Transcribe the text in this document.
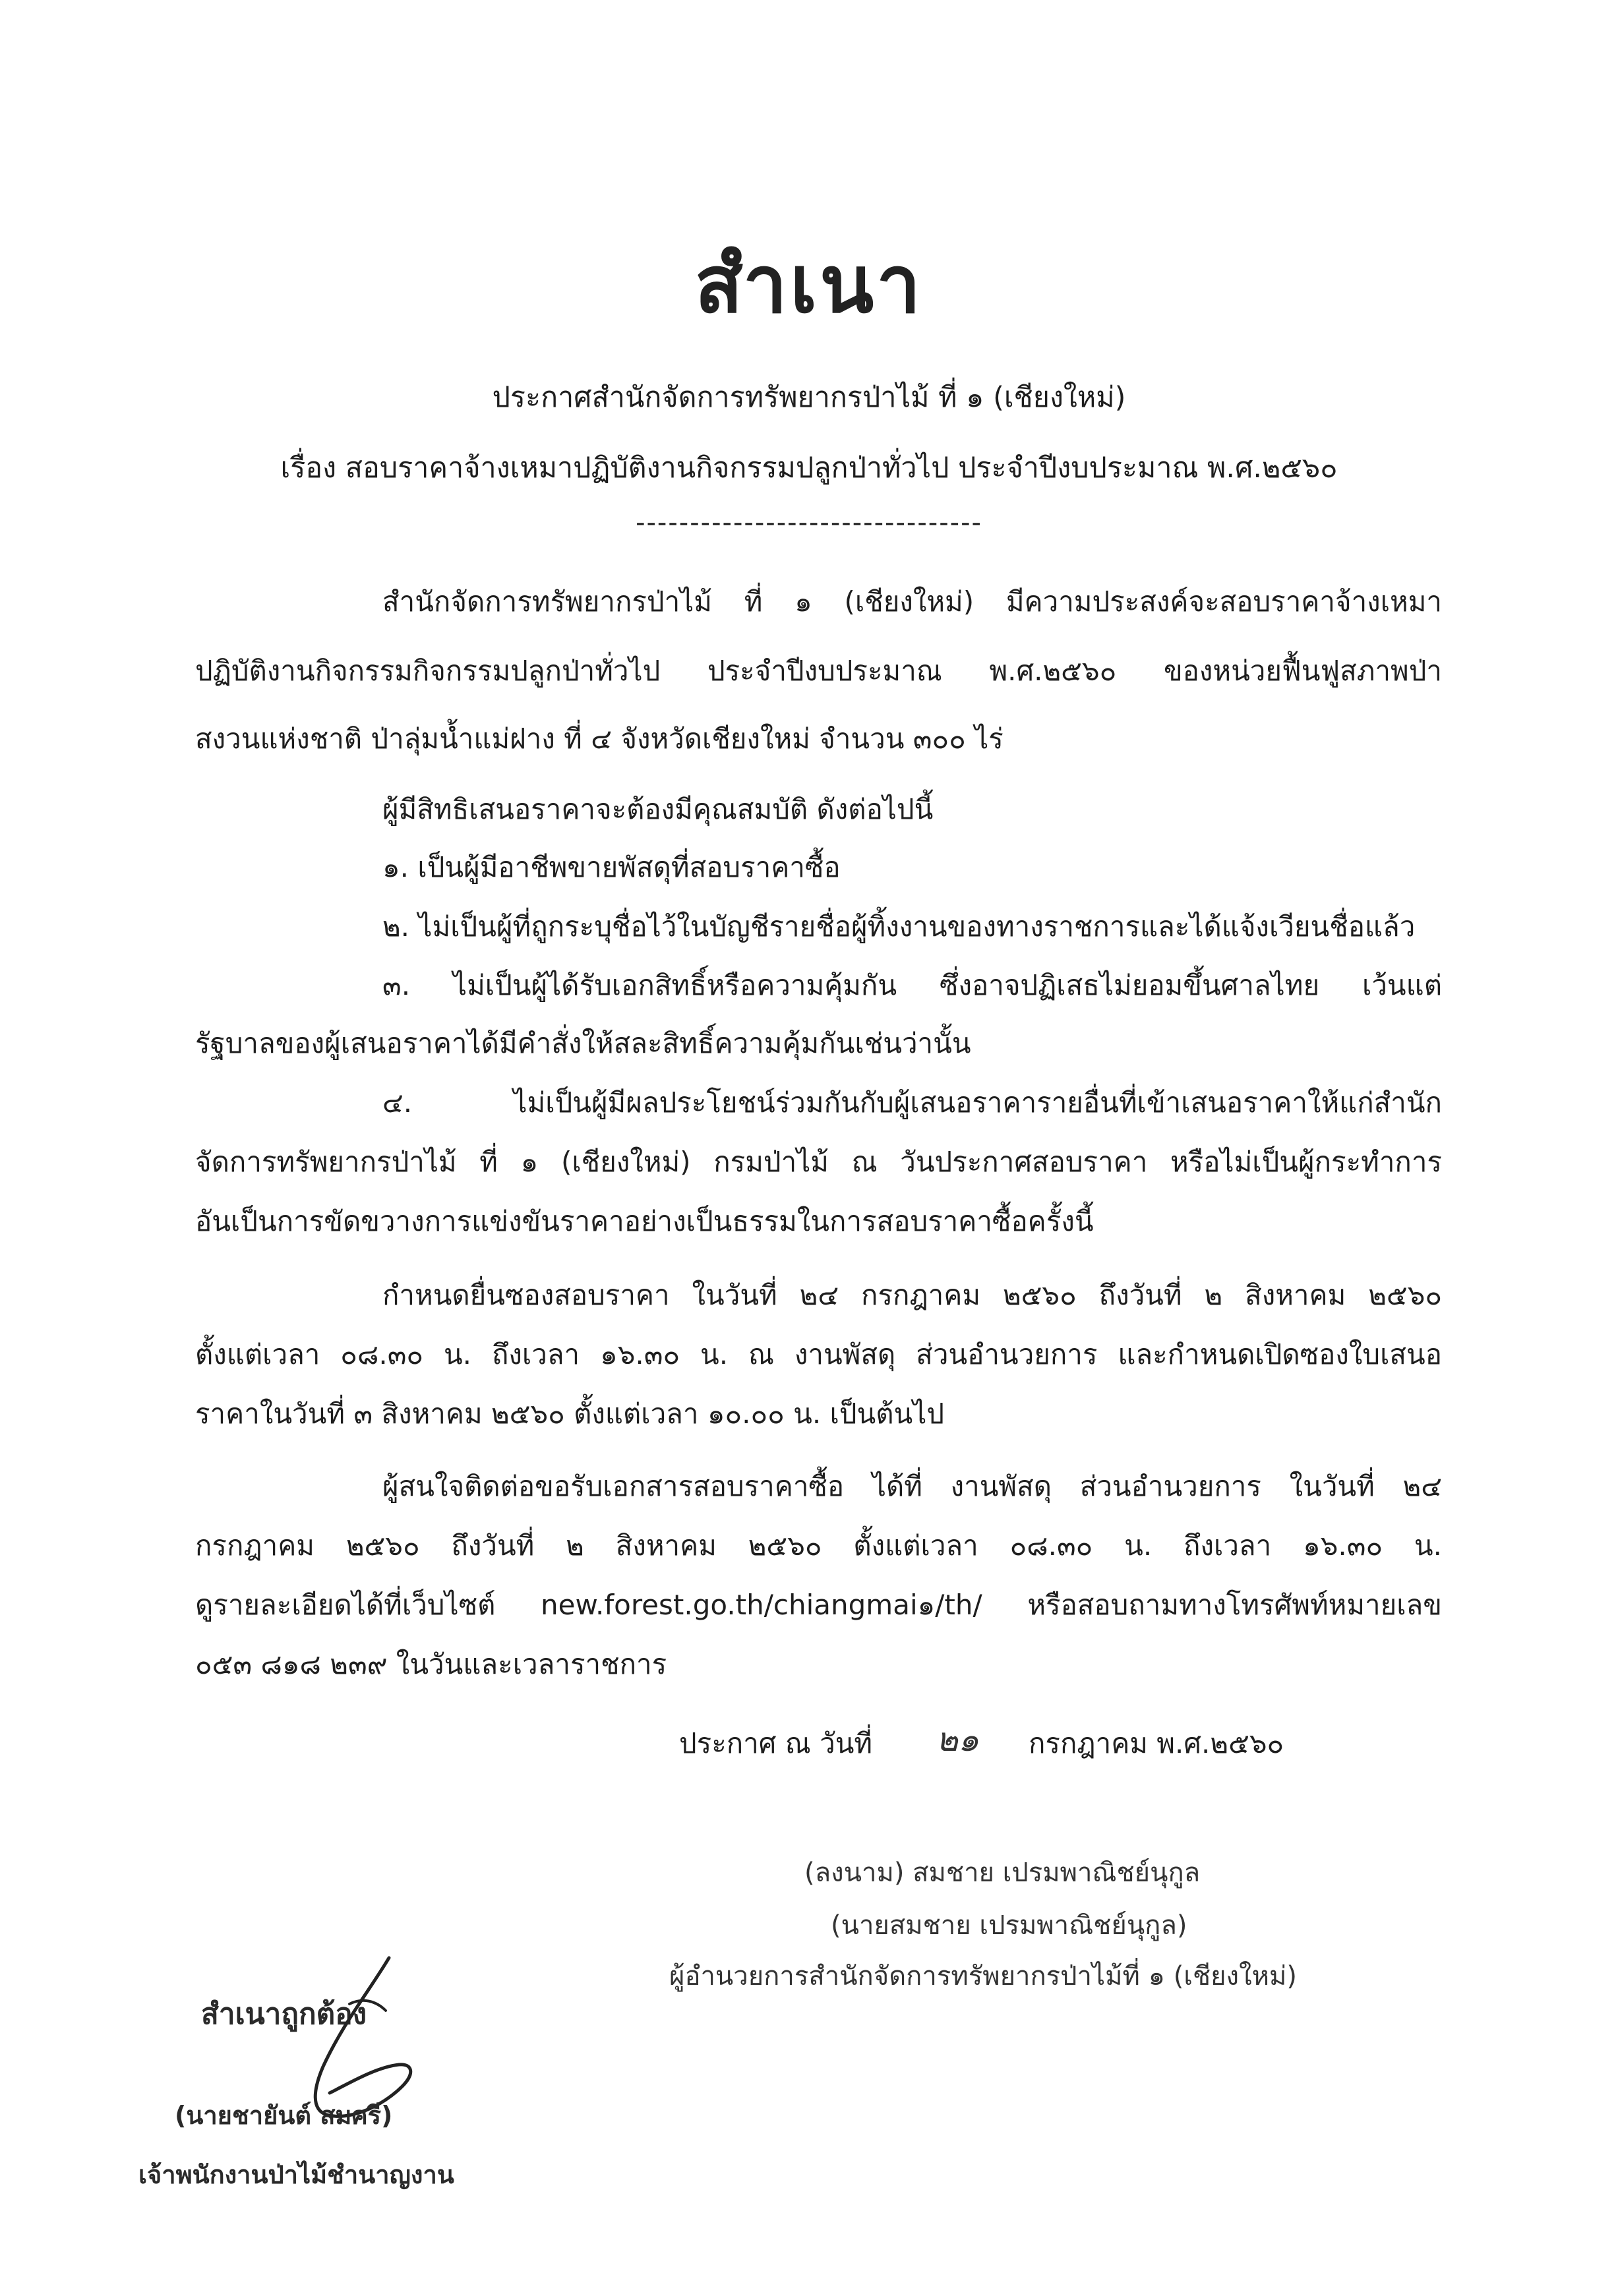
สำเนา
ประกาศสำนักจัดการทรัพยากรป่าไม้ ที่ ๑ (เชียงใหม่)
เรื่อง สอบราคาจ้างเหมาปฏิบัติงานกิจกรรมปลูกป่าทั่วไป ประจำปีงบประมาณ พ.ศ.๒๕๖๐
--------------------------------
สำนักจัดการทรัพยากรป่าไม้ ที่ ๑ (เชียงใหม่) มีความประสงค์จะสอบราคาจ้างเหมา
ปฏิบัติงานกิจกรรมกิจกรรมปลูกป่าทั่วไป ประจำปีงบประมาณ พ.ศ.๒๕๖๐ ของหน่วยฟื้นฟูสภาพป่า
สงวนแห่งชาติ ป่าลุ่มน้ำแม่ฝาง ที่ ๔ จังหวัดเชียงใหม่ จำนวน ๓๐๐ ไร่
ผู้มีสิทธิเสนอราคาจะต้องมีคุณสมบัติ ดังต่อไปนี้
๑. เป็นผู้มีอาชีพขายพัสดุที่สอบราคาซื้อ
๒. ไม่เป็นผู้ที่ถูกระบุชื่อไว้ในบัญชีรายชื่อผู้ทิ้งงานของทางราชการและได้แจ้งเวียนชื่อแล้ว
๓. ไม่เป็นผู้ได้รับเอกสิทธิ์หรือความคุ้มกัน ซึ่งอาจปฏิเสธไม่ยอมขึ้นศาลไทย เว้นแต่
รัฐบาลของผู้เสนอราคาได้มีคำสั่งให้สละสิทธิ์ความคุ้มกันเช่นว่านั้น
๔. ไม่เป็นผู้มีผลประโยชน์ร่วมกันกับผู้เสนอราคารายอื่นที่เข้าเสนอราคาให้แก่สำนัก
จัดการทรัพยากรป่าไม้ ที่ ๑ (เชียงใหม่) กรมป่าไม้ ณ วันประกาศสอบราคา หรือไม่เป็นผู้กระทำการ
อันเป็นการขัดขวางการแข่งขันราคาอย่างเป็นธรรมในการสอบราคาซื้อครั้งนี้
กำหนดยื่นซองสอบราคา ในวันที่ ๒๔ กรกฎาคม ๒๕๖๐ ถึงวันที่ ๒ สิงหาคม ๒๕๖๐
ตั้งแต่เวลา ๐๘.๓๐ น. ถึงเวลา ๑๖.๓๐ น. ณ งานพัสดุ ส่วนอำนวยการ และกำหนดเปิดซองใบเสนอ
ราคาในวันที่ ๓ สิงหาคม ๒๕๖๐ ตั้งแต่เวลา ๑๐.๐๐ น. เป็นต้นไป
ผู้สนใจติดต่อขอรับเอกสารสอบราคาซื้อ ได้ที่ งานพัสดุ ส่วนอำนวยการ ในวันที่ ๒๔
กรกฎาคม ๒๕๖๐ ถึงวันที่ ๒ สิงหาคม ๒๕๖๐ ตั้งแต่เวลา ๐๘.๓๐ น. ถึงเวลา ๑๖.๓๐ น.
ดูรายละเอียดได้ที่เว็บไซต์ new.forest.go.th/chiangmai๑/th/ หรือสอบถามทางโทรศัพท์หมายเลข
๐๕๓ ๘๑๘ ๒๓๙ ในวันและเวลาราชการ
ประกาศ ณ วันที่ ๒๑ กรกฎาคม พ.ศ.๒๕๖๐
(ลงนาม) สมชาย เปรมพาณิชย์นุกูล
(นายสมชาย เปรมพาณิชย์นุกูล)
ผู้อำนวยการสำนักจัดการทรัพยากรป่าไม้ที่ ๑ (เชียงใหม่)
สำเนาถูกต้อง
(นายชายันต์ สมศรี)
เจ้าพนักงานป่าไม้ชำนาญงาน
